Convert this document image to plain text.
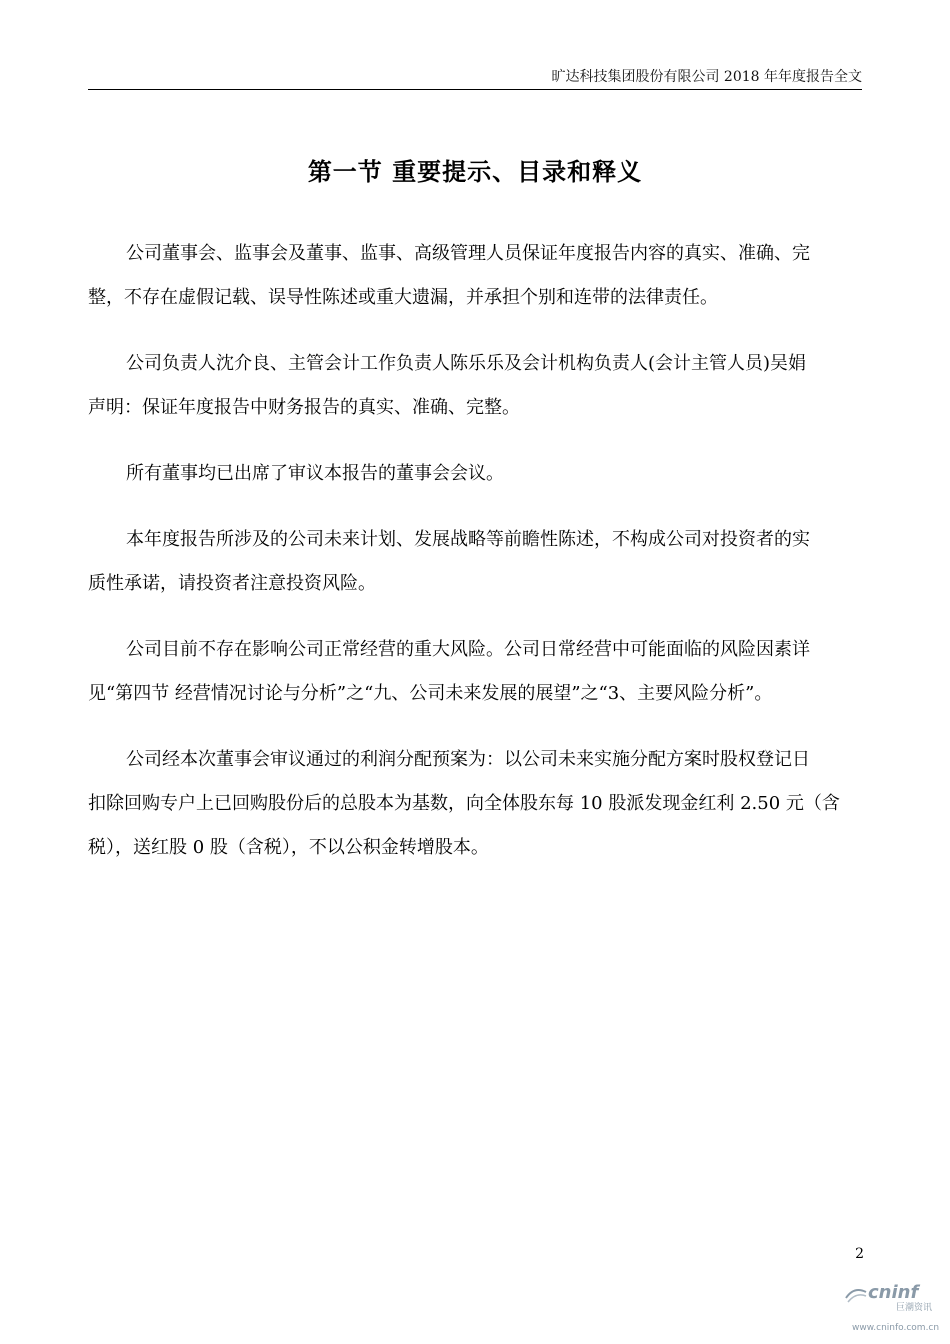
旷达科技集团股份有限公司 2018 年年度报告全文
第一节 重要提示、目录和释义
公司董事会、监事会及董事、监事、高级管理人员保证年度报告内容的真实、准确、完
整，不存在虚假记载、误导性陈述或重大遗漏，并承担个别和连带的法律责任。
公司负责人沈介良、主管会计工作负责人陈乐乐及会计机构负责人(会计主管人员)吴娟
声明：保证年度报告中财务报告的真实、准确、完整。
所有董事均已出席了审议本报告的董事会会议。
本年度报告所涉及的公司未来计划、发展战略等前瞻性陈述，不构成公司对投资者的实
质性承诺，请投资者注意投资风险。
公司目前不存在影响公司正常经营的重大风险。公司日常经营中可能面临的风险因素详
见“第四节 经营情况讨论与分析”之“九、公司未来发展的展望”之“3、主要风险分析”。
公司经本次董事会审议通过的利润分配预案为：以公司未来实施分配方案时股权登记日
扣除回购专户上已回购股份后的总股本为基数，向全体股东每 10 股派发现金红利 2.50 元（含
税），送红股 0 股（含税），不以公积金转增股本。
2
cninf
巨潮资讯
www.cninfo.com.cn
